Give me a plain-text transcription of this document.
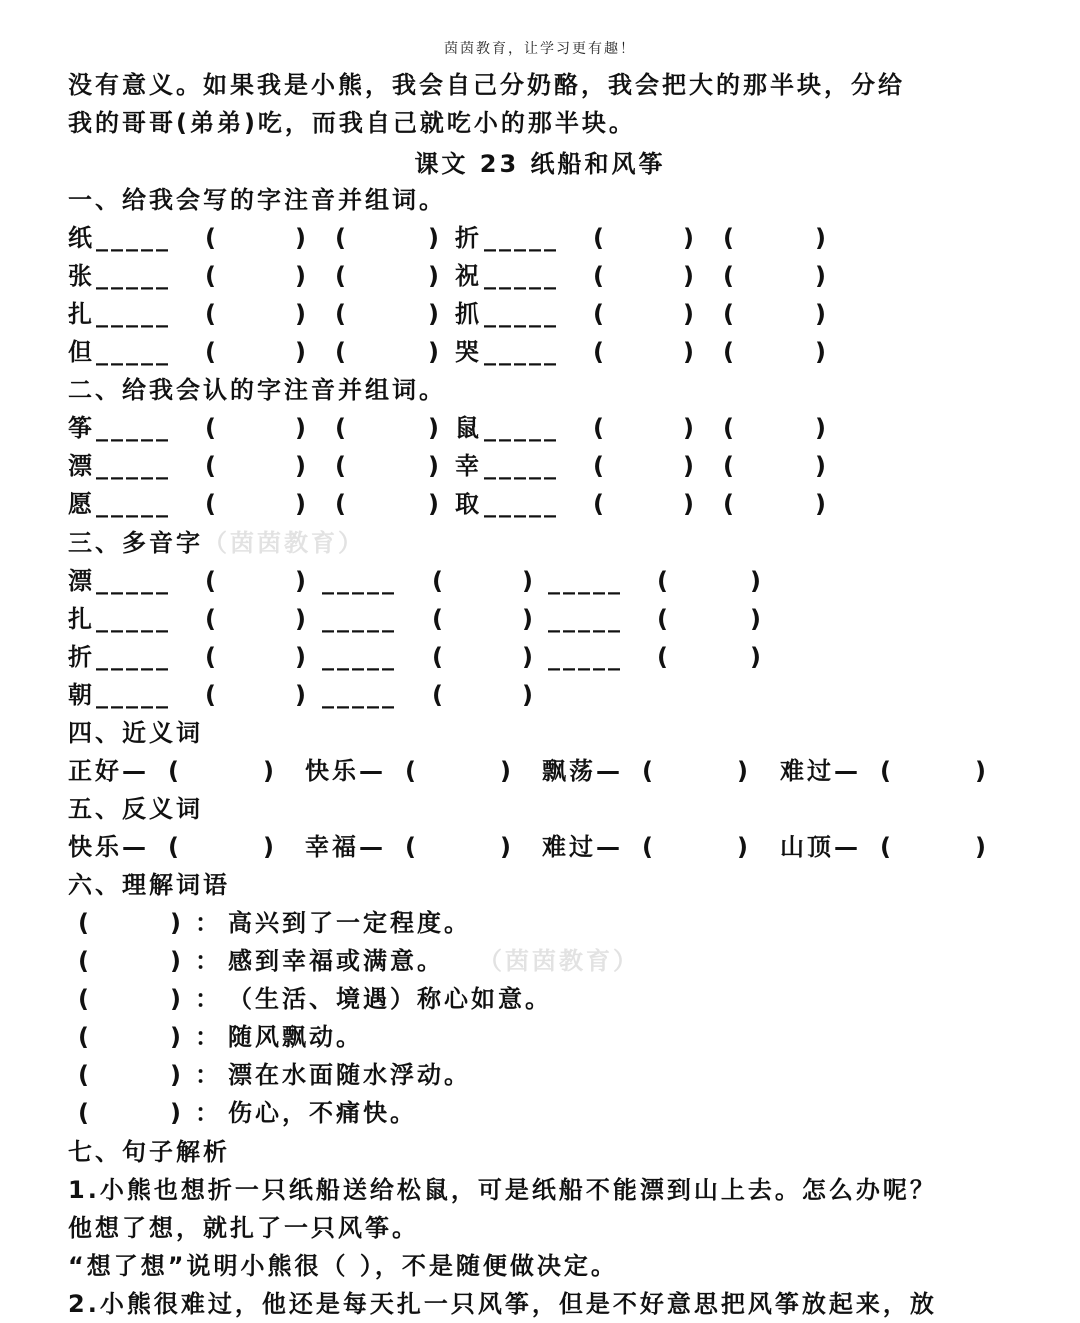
茵茵教育，让学习更有趣！
没有意义。如果我是小熊，我会自己分奶酪，我会把大的那半块，分给
我的哥哥(弟弟)吃，而我自己就吃小的那半块。
课文 23 纸船和风筝
一、给我会写的字注音并组词。
纸 _____ (	) (	) 折 _____ (	) (	)
张 _____ (	) (	) 祝 _____ (	) (	)
扎 _____ (	) (	) 抓 _____ (	) (	)
但 _____ (	) (	) 哭 _____ (	) (	)
二、给我会认的字注音并组词。
筝 _____ (	) (	) 鼠 _____ (	) (	)
漂 _____ (	) (	) 幸 _____ (	) (	)
愿 _____ (	) (	) 取 _____ (	) (	)
三、多音字（茵茵教育）
漂 _____ (	) _____ (	) _____ (	)
扎 _____ (	) _____ (	) _____ (	)
折 _____ (	) _____ (	) _____ (	)
朝 _____ (	) _____ (	)
四、近义词
正好— (	) 快乐— (	) 飘荡— (	) 难过— (	)
五、反义词
快乐— (	) 幸福— (	) 难过— (	) 山顶— (	)
六、理解词语
(	) ： 高兴到了一定程度。
(	) ： 感到幸福或满意。 （茵茵教育）
(	) ： （生活、境遇）称心如意。
(	) ： 随风飘动。
(	) ： 漂在水面随水浮动。
(	) ： 伤心，不痛快。
七、句子解析
1.小熊也想折一只纸船送给松鼠，可是纸船不能漂到山上去。怎么办呢？
他想了想，就扎了一只风筝。
“想了想”说明小熊很（ ），不是随便做决定。
2.小熊很难过，他还是每天扎一只风筝，但是不好意思把风筝放起来，放
